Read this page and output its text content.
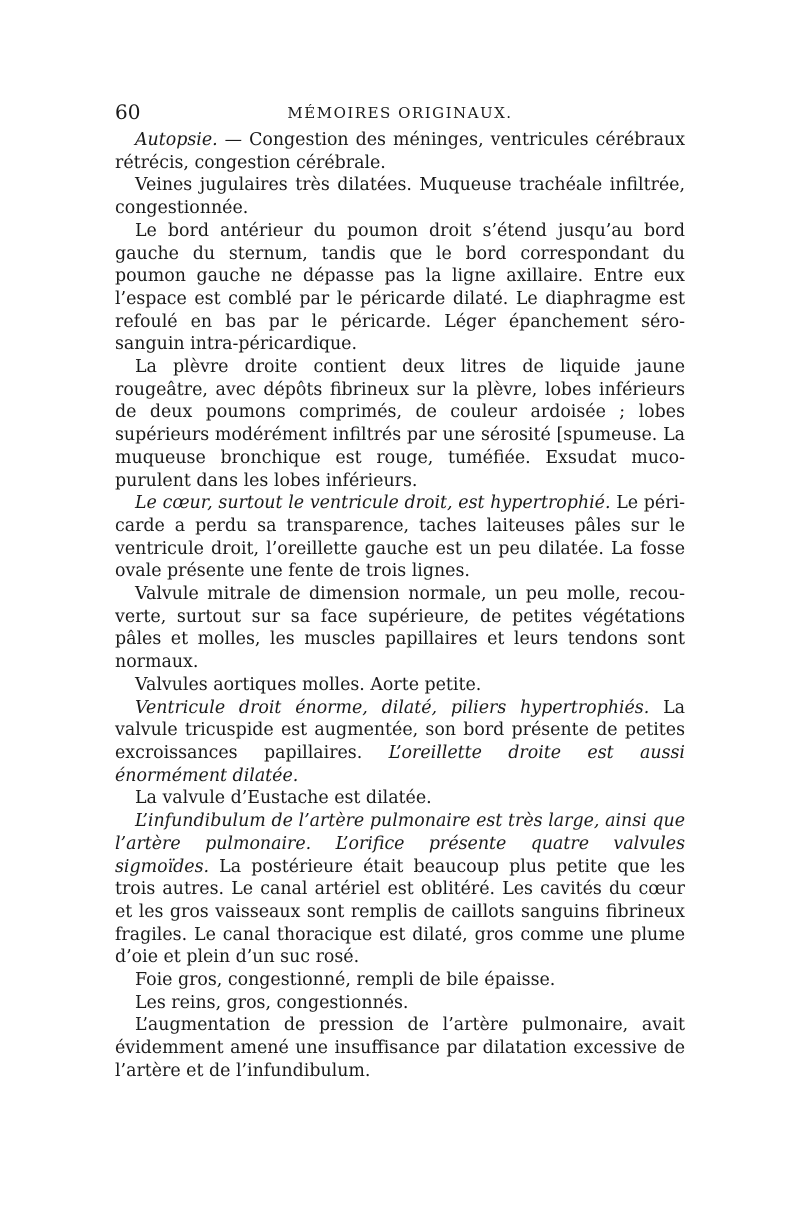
60	MÉMOIRES ORIGINAUX.

Autopsie. — Congestion des méninges, ventricules cérébraux rétrécis, congestion cérébrale.

Veines jugulaires très dilatées. Muqueuse trachéale infiltrée, congestionnée.

Le bord antérieur du poumon droit s’étend jusqu’au bord gauche du sternum, tandis que le bord correspondant du poumon gauche ne dépasse pas la ligne axillaire. Entre eux l’espace est comblé par le péricarde dilaté. Le diaphragme est refoulé en bas par le péricarde. Léger épanchement séro-sanguin intra-péricardique.

La plèvre droite contient deux litres de liquide jaune rougeâtre, avec dépôts fibrineux sur la plèvre, lobes inférieurs de deux poumons comprimés, de couleur ardoisée ; lobes supérieurs modérément infiltrés par une sérosité [spumeuse. La muqueuse bronchique est rouge, tuméfiée. Exsudat muco-purulent dans les lobes inférieurs.

Le cœur, surtout le ventricule droit, est hypertrophié. Le péricarde a perdu sa transparence, taches laiteuses pâles sur le ventricule droit, l’oreillette gauche est un peu dilatée. La fosse ovale présente une fente de trois lignes.

Valvule mitrale de dimension normale, un peu molle, recouverte, surtout sur sa face supérieure, de petites végétations pâles et molles, les muscles papillaires et leurs tendons sont normaux.

Valvules aortiques molles. Aorte petite.

Ventricule droit énorme, dilaté, piliers hypertrophiés. La valvule tricuspide est augmentée, son bord présente de petites excroissances papillaires. L’oreillette droite est aussi énormément dilatée.

La valvule d’Eustache est dilatée.

L’infundibulum de l’artère pulmonaire est très large, ainsi que l’artère pulmonaire. L’orifice présente quatre valvules sigmoïdes. La postérieure était beaucoup plus petite que les trois autres. Le canal artériel est oblitéré. Les cavités du cœur et les gros vaisseaux sont remplis de caillots sanguins fibrineux fragiles. Le canal thoracique est dilaté, gros comme une plume d’oie et plein d’un suc rosé.

Foie gros, congestionné, rempli de bile épaisse.

Les reins, gros, congestionnés.

L’augmentation de pression de l’artère pulmonaire, avait évidemment amené une insuffisance par dilatation excessive de l’artère et de l’infundibulum.
